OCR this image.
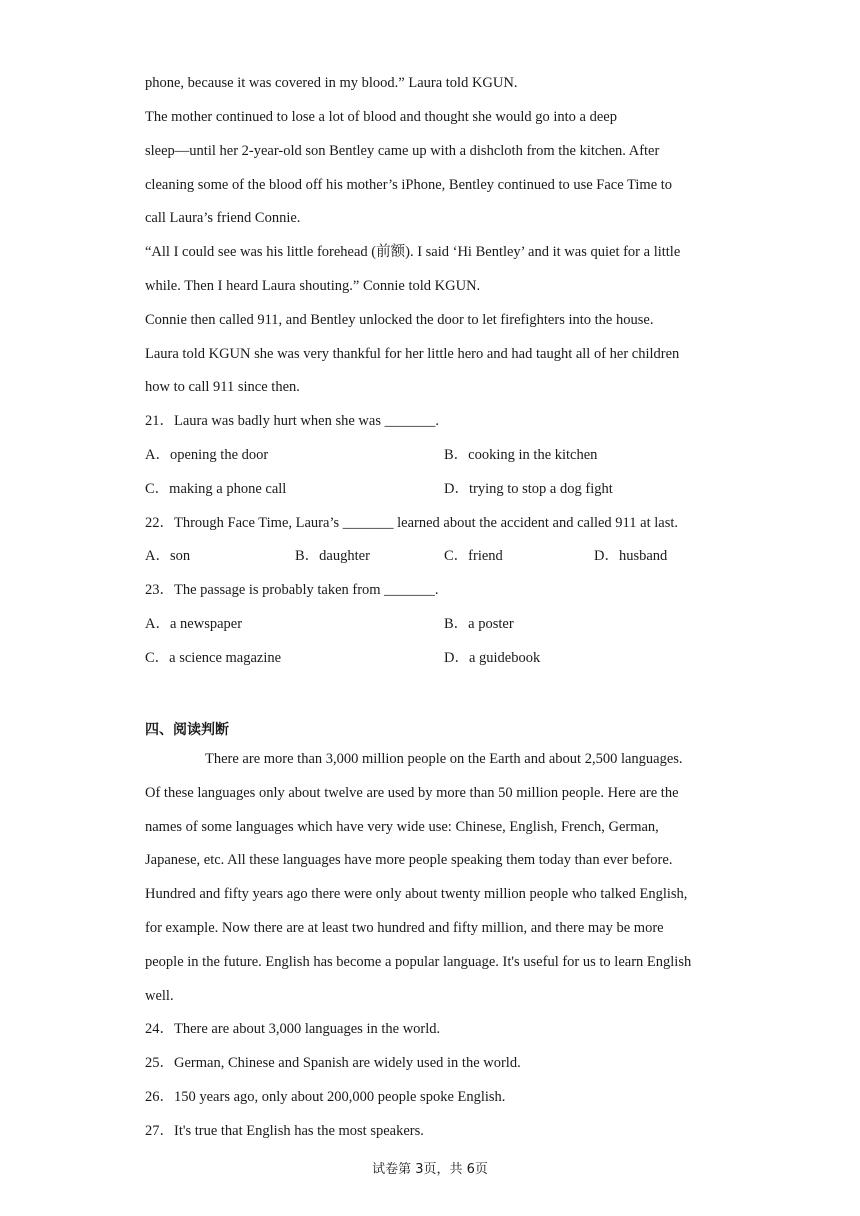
phone, because it was covered in my blood.” Laura told KGUN.
The mother continued to lose a lot of blood and thought she would go into a deep
sleep—until her 2-year-old son Bentley came up with a dishcloth from the kitchen. After
cleaning some of the blood off his mother’s iPhone, Bentley continued to use Face Time to
call Laura’s friend Connie.
“All I could see was his little forehead (前额). I said ‘Hi Bentley’ and it was quiet for a little
while. Then I heard Laura shouting.” Connie told KGUN.
Connie then called 911, and Bentley unlocked the door to let firefighters into the house.
Laura told KGUN she was very thankful for her little hero and had taught all of her children
how to call 911 since then.
21．Laura was badly hurt when she was _______.
A．opening the door	B．cooking in the kitchen
C．making a phone call	D．trying to stop a dog fight
22．Through Face Time, Laura’s _______ learned about the accident and called 911 at last.
A．son	B．daughter	C．friend	D．husband
23．The passage is probably taken from _______.
A．a newspaper	B．a poster
C．a science magazine	D．a guidebook
四、阅读判断
There are more than 3,000 million people on the Earth and about 2,500 languages.
Of these languages only about twelve are used by more than 50 million people. Here are the
names of some languages which have very wide use: Chinese, English, French, German,
Japanese, etc. All these languages have more people speaking them today than ever before.
Hundred and fifty years ago there were only about twenty million people who talked English,
for example. Now there are at least two hundred and fifty million, and there may be more
people in the future. English has become a popular language. It's useful for us to learn English
well.
24．There are about 3,000 languages in the world.
25．German, Chinese and Spanish are widely used in the world.
26．150 years ago, only about 200,000 people spoke English.
27．It's true that English has the most speakers.
试卷第 3页，共 6页
